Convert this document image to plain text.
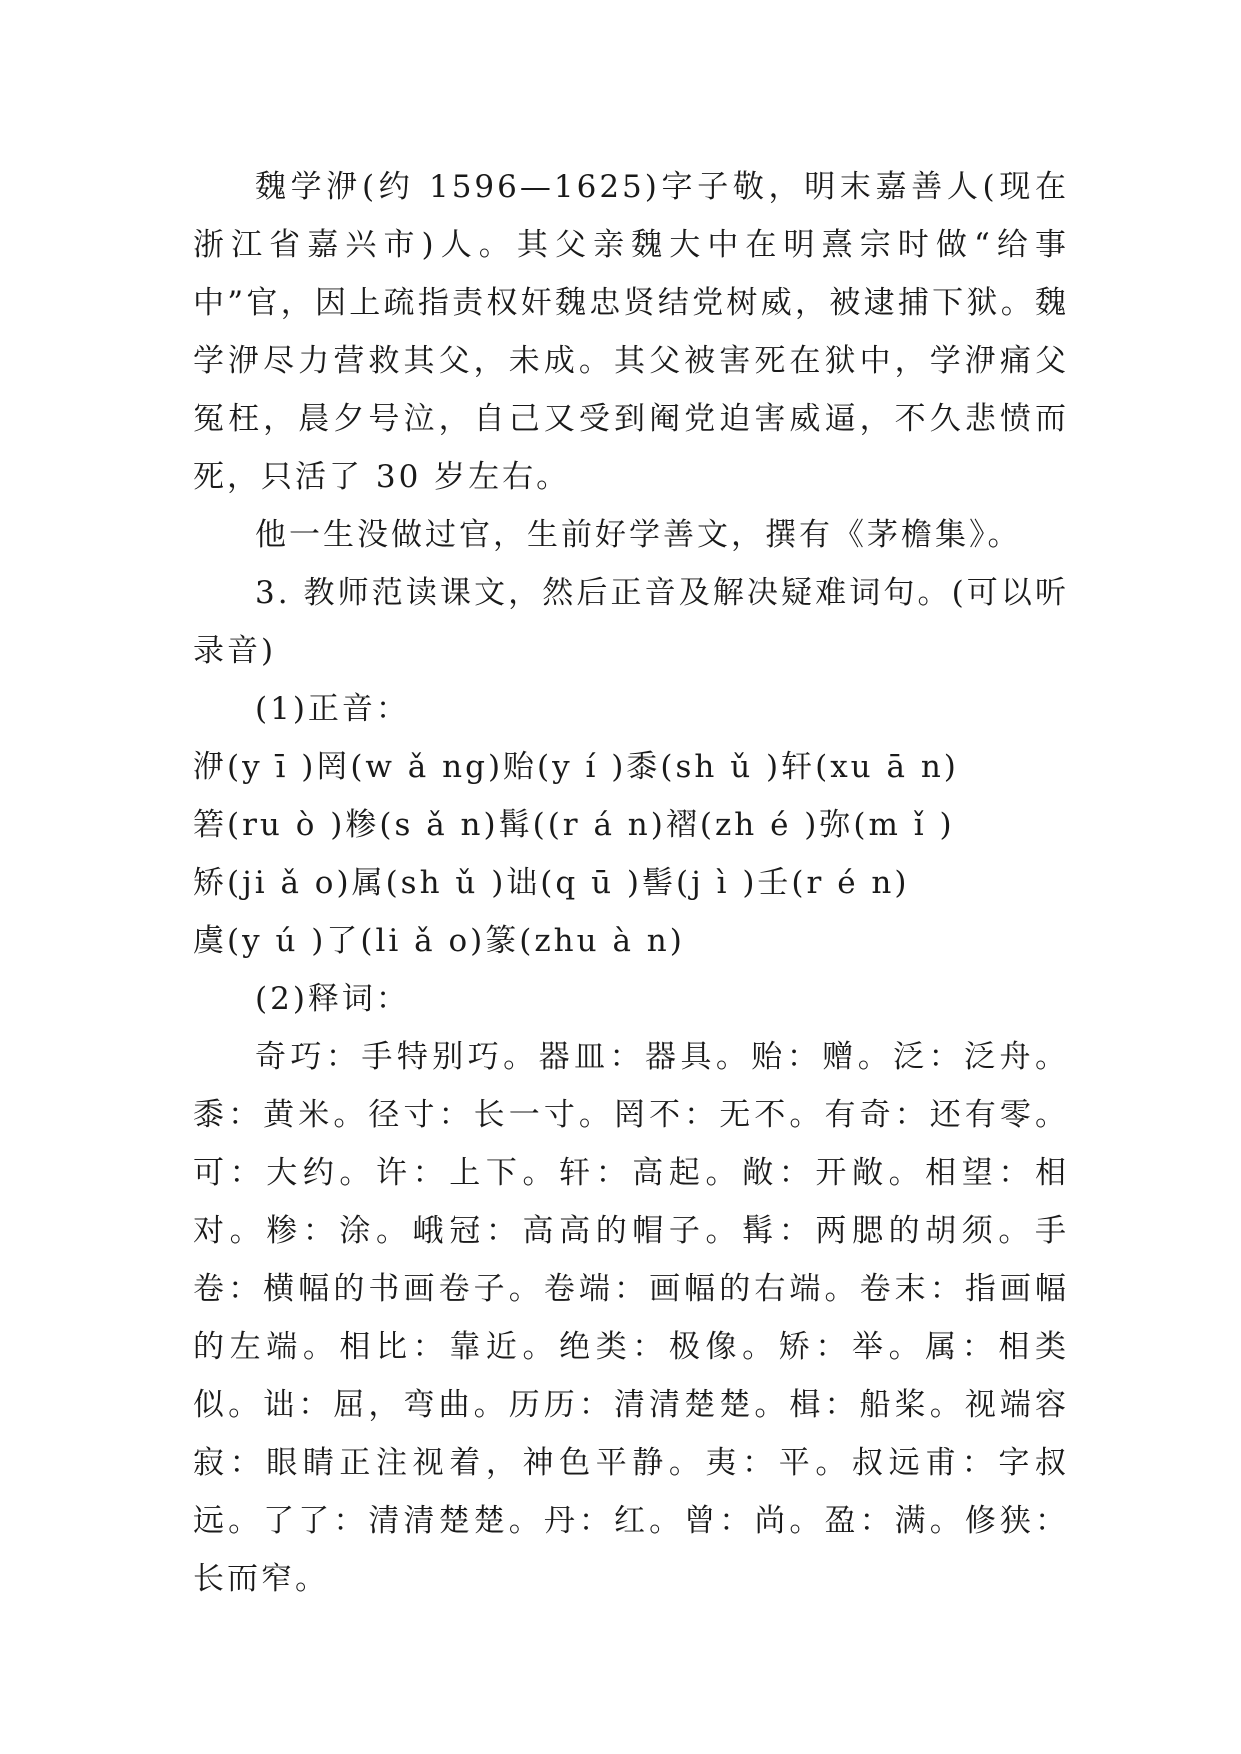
魏学洢(约 1596—1625)字子敬，明末嘉善人(现在浙江省嘉兴市)人。其父亲魏大中在明熹宗时做“给事中”官，因上疏指责权奸魏忠贤结党树威，被逮捕下狱。魏学洢尽力营救其父，未成。其父被害死在狱中，学洢痛父冤枉，晨夕号泣，自己又受到阉党迫害威逼，不久悲愤而死，只活了 30 岁左右。

他一生没做过官，生前好学善文，撰有《茅檐集》。

3. 教师范读课文，然后正音及解决疑难词句。(可以听录音)

(1)正音：

洢(y ī )罔(w ǎ ng)贻(y í )黍(sh ǔ )轩(xu ā n)

箬(ru ò )糁(s ǎ n)髯((r á n)褶(zh é )弥(m ǐ )

矫(ji ǎ o)属(sh ǔ )诎(q ū )髻(j ì )壬(r é n)

虞(y ú )了(li ǎ o)篆(zhu à n)

(2)释词：

奇巧：手特别巧。器皿：器具。贻：赠。泛：泛舟。黍：黄米。径寸：长一寸。罔不：无不。有奇：还有零。可：大约。许：上下。轩：高起。敞：开敞。相望：相对。糁：涂。峨冠：高高的帽子。髯：两腮的胡须。手卷：横幅的书画卷子。卷端：画幅的右端。卷末：指画幅的左端。相比：靠近。绝类：极像。矫：举。属：相类似。诎：屈，弯曲。历历：清清楚楚。楫：船桨。视端容寂：眼睛正注视着，神色平静。夷：平。叔远甫：字叔远。了了：清清楚楚。丹：红。曾：尚。盈：满。修狭：长而窄。
